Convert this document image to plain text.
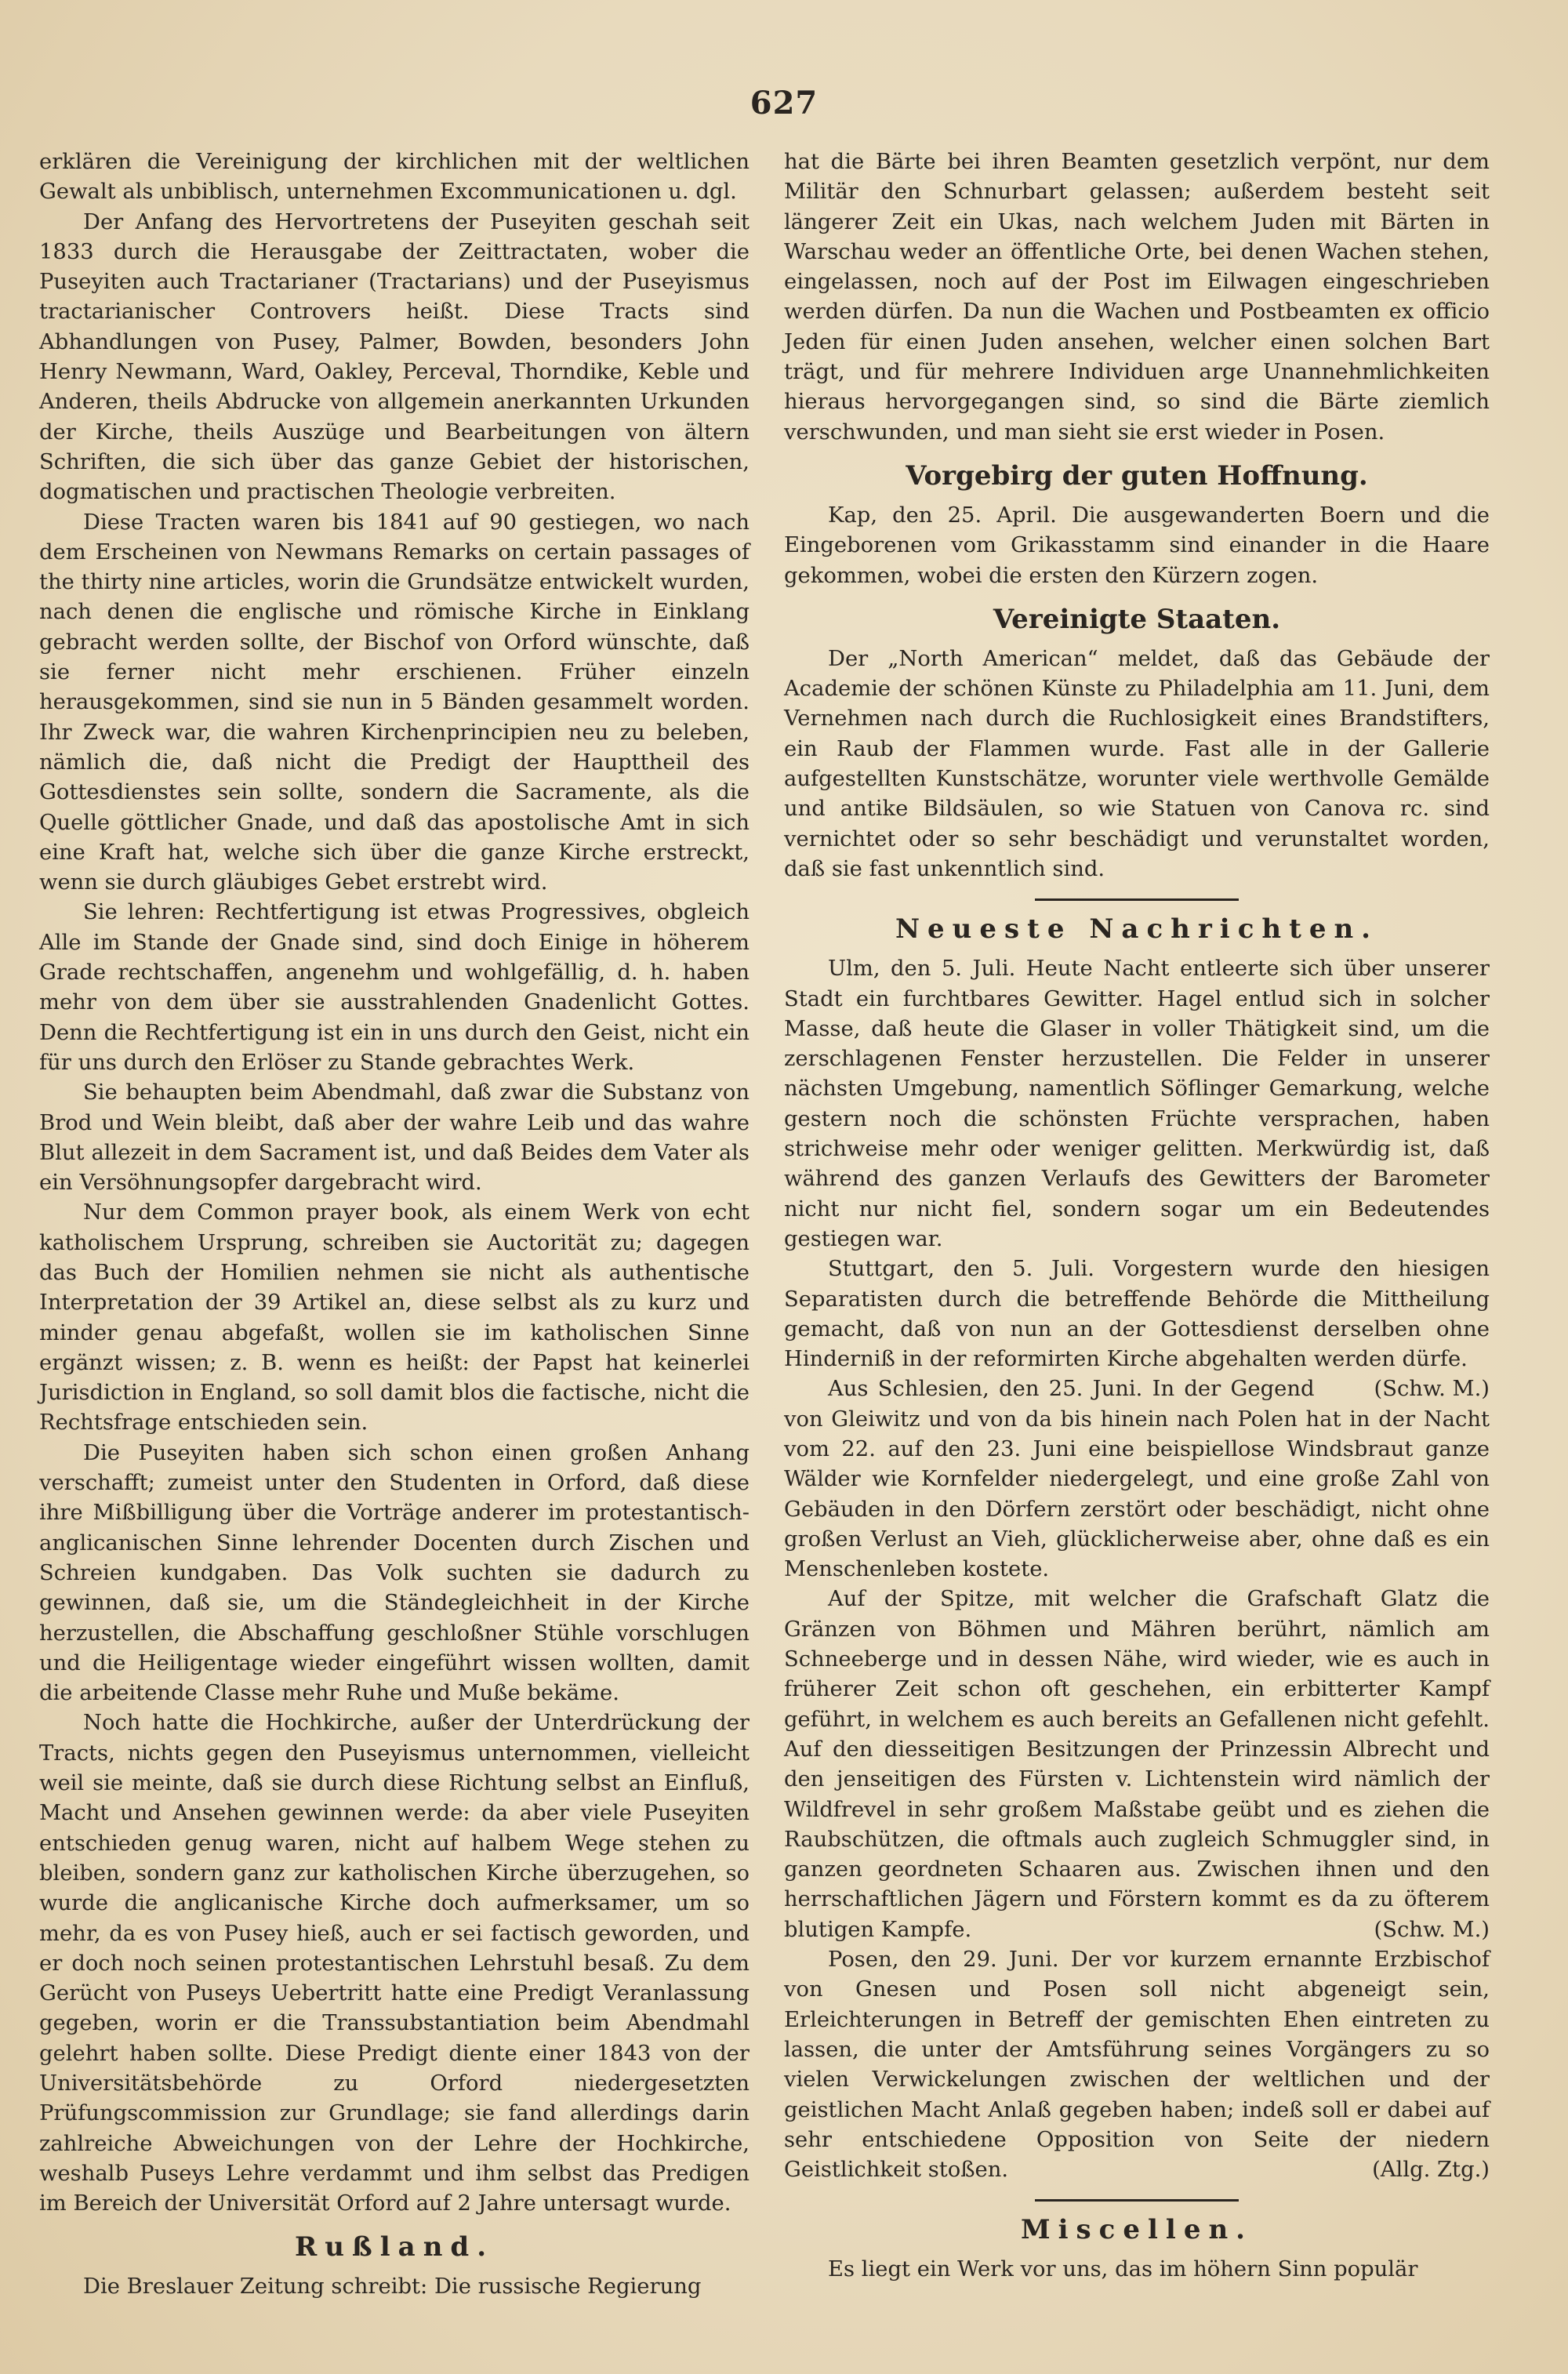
627

erklären die Vereinigung der kirchlichen mit der weltlichen Gewalt als unbiblisch, unternehmen Excommunicationen u. dgl.

Der Anfang des Hervortretens der Puseyiten geschah seit 1833 durch die Herausgabe der Zeittractaten, wober die Puseyiten auch Tractarianer (Tractarians) und der Puseyismus tractarianischer Controvers heißt. Diese Tracts sind Abhandlungen von Pusey, Palmer, Bowden, besonders John Henry Newmann, Ward, Oakley, Perceval, Thorndike, Keble und Anderen, theils Abdrucke von allgemein anerkannten Urkunden der Kirche, theils Auszüge und Bearbeitungen von ältern Schriften, die sich über das ganze Gebiet der historischen, dogmatischen und practischen Theologie verbreiten.

Diese Tracten waren bis 1841 auf 90 gestiegen, wo nach dem Erscheinen von Newmans Remarks on certain passages of the thirty nine articles, worin die Grundsätze entwickelt wurden, nach denen die englische und römische Kirche in Einklang gebracht werden sollte, der Bischof von Orford wünschte, daß sie ferner nicht mehr erschienen. Früher einzeln herausgekommen, sind sie nun in 5 Bänden gesammelt worden. Ihr Zweck war, die wahren Kirchenprincipien neu zu beleben, nämlich die, daß nicht die Predigt der Haupttheil des Gottesdienstes sein sollte, sondern die Sacramente, als die Quelle göttlicher Gnade, und daß das apostolische Amt in sich eine Kraft hat, welche sich über die ganze Kirche erstreckt, wenn sie durch gläubiges Gebet erstrebt wird.

Sie lehren: Rechtfertigung ist etwas Progressives, obgleich Alle im Stande der Gnade sind, sind doch Einige in höherem Grade rechtschaffen, angenehm und wohlgefällig, d. h. haben mehr von dem über sie ausstrahlenden Gnadenlicht Gottes. Denn die Rechtfertigung ist ein in uns durch den Geist, nicht ein für uns durch den Erlöser zu Stande gebrachtes Werk.

Sie behaupten beim Abendmahl, daß zwar die Substanz von Brod und Wein bleibt, daß aber der wahre Leib und das wahre Blut allezeit in dem Sacrament ist, und daß Beides dem Vater als ein Versöhnungsopfer dargebracht wird.

Nur dem Common prayer book, als einem Werk von echt katholischem Ursprung, schreiben sie Auctorität zu; dagegen das Buch der Homilien nehmen sie nicht als authentische Interpretation der 39 Artikel an, diese selbst als zu kurz und minder genau abgefaßt, wollen sie im katholischen Sinne ergänzt wissen; z. B. wenn es heißt: der Papst hat keinerlei Jurisdiction in England, so soll damit blos die factische, nicht die Rechtsfrage entschieden sein.

Die Puseyiten haben sich schon einen großen Anhang verschafft; zumeist unter den Studenten in Orford, daß diese ihre Mißbilligung über die Vorträge anderer im protestantisch-anglicanischen Sinne lehrender Docenten durch Zischen und Schreien kundgaben. Das Volk suchten sie dadurch zu gewinnen, daß sie, um die Ständegleichheit in der Kirche herzustellen, die Abschaffung geschloßner Stühle vorschlugen und die Heiligentage wieder eingeführt wissen wollten, damit die arbeitende Classe mehr Ruhe und Muße bekäme.

Noch hatte die Hochkirche, außer der Unterdrückung der Tracts, nichts gegen den Puseyismus unternommen, vielleicht weil sie meinte, daß sie durch diese Richtung selbst an Einfluß, Macht und Ansehen gewinnen werde: da aber viele Puseyiten entschieden genug waren, nicht auf halbem Wege stehen zu bleiben, sondern ganz zur katholischen Kirche überzugehen, so wurde die anglicanische Kirche doch aufmerksamer, um so mehr, da es von Pusey hieß, auch er sei factisch geworden, und er doch noch seinen protestantischen Lehrstuhl besaß. Zu dem Gerücht von Puseys Uebertritt hatte eine Predigt Veranlassung gegeben, worin er die Transsubstantiation beim Abendmahl gelehrt haben sollte. Diese Predigt diente einer 1843 von der Universitätsbehörde zu Orford niedergesetzten Prüfungscommission zur Grundlage; sie fand allerdings darin zahlreiche Abweichungen von der Lehre der Hochkirche, weshalb Puseys Lehre verdammt und ihm selbst das Predigen im Bereich der Universität Orford auf 2 Jahre untersagt wurde.

Rußland.

Die Breslauer Zeitung schreibt: Die russische Regierung

hat die Bärte bei ihren Beamten gesetzlich verpönt, nur dem Militär den Schnurbart gelassen; außerdem besteht seit längerer Zeit ein Ukas, nach welchem Juden mit Bärten in Warschau weder an öffentliche Orte, bei denen Wachen stehen, eingelassen, noch auf der Post im Eilwagen eingeschrieben werden dürfen. Da nun die Wachen und Postbeamten ex officio Jeden für einen Juden ansehen, welcher einen solchen Bart trägt, und für mehrere Individuen arge Unannehmlichkeiten hieraus hervorgegangen sind, so sind die Bärte ziemlich verschwunden, und man sieht sie erst wieder in Posen.

Vorgebirg der guten Hoffnung.

Kap, den 25. April. Die ausgewanderten Boern und die Eingeborenen vom Grikasstamm sind einander in die Haare gekommen, wobei die ersten den Kürzern zogen.

Vereinigte Staaten.

Der „North American“ meldet, daß das Gebäude der Academie der schönen Künste zu Philadelphia am 11. Juni, dem Vernehmen nach durch die Ruchlosigkeit eines Brandstifters, ein Raub der Flammen wurde. Fast alle in der Gallerie aufgestellten Kunstschätze, worunter viele werthvolle Gemälde und antike Bildsäulen, so wie Statuen von Canova rc. sind vernichtet oder so sehr beschädigt und verunstaltet worden, daß sie fast unkenntlich sind.

Neueste Nachrichten.

Ulm, den 5. Juli. Heute Nacht entleerte sich über unserer Stadt ein furchtbares Gewitter. Hagel entlud sich in solcher Masse, daß heute die Glaser in voller Thätigkeit sind, um die zerschlagenen Fenster herzustellen. Die Felder in unserer nächsten Umgebung, namentlich Söflinger Gemarkung, welche gestern noch die schönsten Früchte versprachen, haben strichweise mehr oder weniger gelitten. Merkwürdig ist, daß während des ganzen Verlaufs des Gewitters der Barometer nicht nur nicht fiel, sondern sogar um ein Bedeutendes gestiegen war.

Stuttgart, den 5. Juli. Vorgestern wurde den hiesigen Separatisten durch die betreffende Behörde die Mittheilung gemacht, daß von nun an der Gottesdienst derselben ohne Hinderniß in der reformirten Kirche abgehalten werden dürfe.
(Schw. M.)

Aus Schlesien, den 25. Juni. In der Gegend von Gleiwitz und von da bis hinein nach Polen hat in der Nacht vom 22. auf den 23. Juni eine beispiellose Windsbraut ganze Wälder wie Kornfelder niedergelegt, und eine große Zahl von Gebäuden in den Dörfern zerstört oder beschädigt, nicht ohne großen Verlust an Vieh, glücklicherweise aber, ohne daß es ein Menschenleben kostete.

Auf der Spitze, mit welcher die Grafschaft Glatz die Gränzen von Böhmen und Mähren berührt, nämlich am Schneeberge und in dessen Nähe, wird wieder, wie es auch in früherer Zeit schon oft geschehen, ein erbitterter Kampf geführt, in welchem es auch bereits an Gefallenen nicht gefehlt. Auf den diesseitigen Besitzungen der Prinzessin Albrecht und den jenseitigen des Fürsten v. Lichtenstein wird nämlich der Wildfrevel in sehr großem Maßstabe geübt und es ziehen die Raubschützen, die oftmals auch zugleich Schmuggler sind, in ganzen geordneten Schaaren aus. Zwischen ihnen und den herrschaftlichen Jägern und Förstern kommt es da zu öfterem blutigen Kampfe.	(Schw. M.)

Posen, den 29. Juni. Der vor kurzem ernannte Erzbischof von Gnesen und Posen soll nicht abgeneigt sein, Erleichterungen in Betreff der gemischten Ehen eintreten zu lassen, die unter der Amtsführung seines Vorgängers zu so vielen Verwickelungen zwischen der weltlichen und der geistlichen Macht Anlaß gegeben haben; indeß soll er dabei auf sehr entschiedene Opposition von Seite der niedern Geistlichkeit stoßen.	(Allg. Ztg.)

Miscellen.

Es liegt ein Werk vor uns, das im höhern Sinn populär
